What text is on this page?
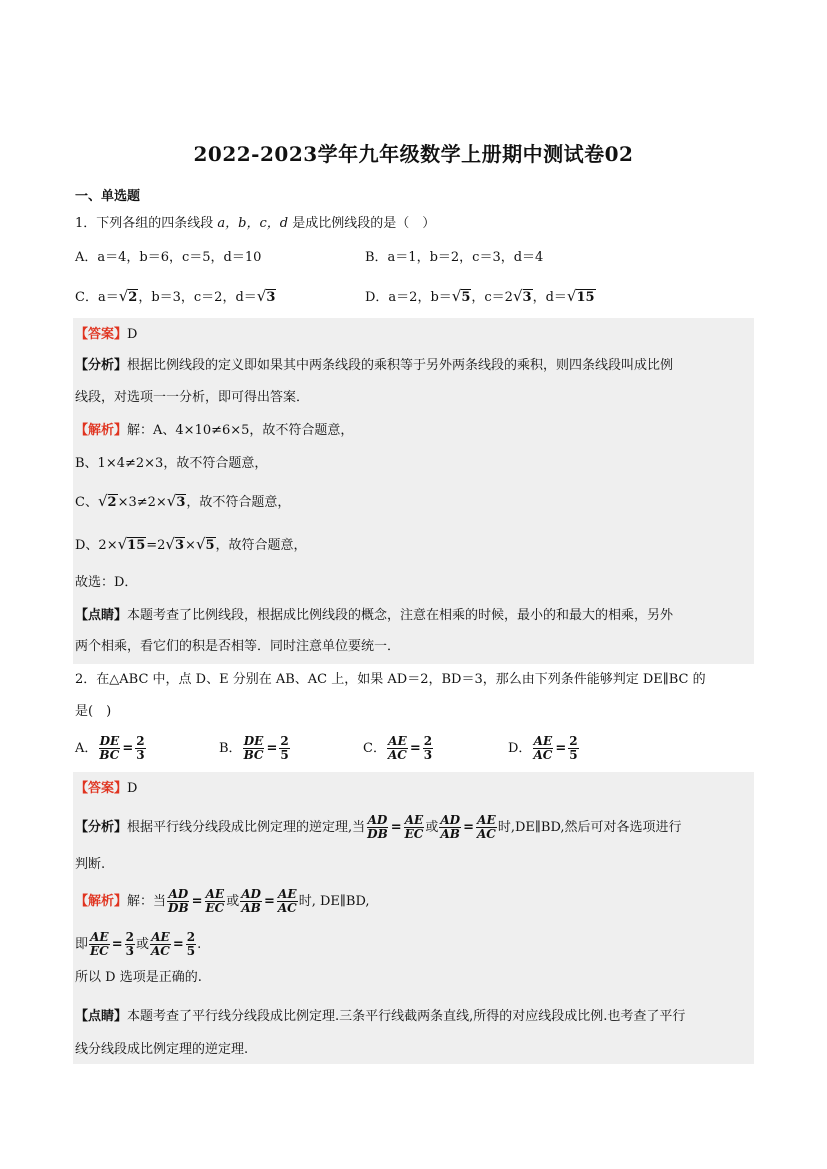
2022-2023学年九年级数学上册期中测试卷02
一、单选题
1．下列各组的四条线段 a，b，c，d 是成比例线段的是（　）
A．a＝4，b＝6，c＝5，d＝10	B．a＝1，b＝2，c＝3，d＝4
C．a＝√2，b＝3，c＝2，d＝√3	D．a＝2，b＝√5，c＝2√3，d＝√15
【答案】D
【分析】根据比例线段的定义即如果其中两条线段的乘积等于另外两条线段的乘积，则四条线段叫成比例
线段，对选项一一分析，即可得出答案．
【解析】解：A、4×10≠6×5，故不符合题意，
B、1×4≠2×3，故不符合题意，
C、√2×3≠2×√3，故不符合题意，
D、2×√15=2√3×√5，故符合题意，
故选：D．
【点睛】本题考查了比例线段，根据成比例线段的概念，注意在相乘的时候，最小的和最大的相乘，另外
两个相乘，看它们的积是否相等．同时注意单位要统一．
2．在△ABC 中，点 D、E 分别在 AB、AC 上，如果 AD＝2，BD＝3，那么由下列条件能够判定 DE∥BC 的
是(　)
A． $\frac{DE}{BC} = \frac{2}{3}$	B． $\frac{DE}{BC} = \frac{2}{5}$	C． $\frac{AE}{AC} = \frac{2}{3}$	D． $\frac{AE}{AC} = \frac{2}{5}$
【答案】D
【分析】根据平行线分线段成比例定理的逆定理,当 $\frac{AD}{DB} = \frac{AE}{EC}$ 或 $\frac{AD}{AB} = \frac{AE}{AC}$ 时,DE∥BD,然后可对各选项进行
判断.
【解析】解：当 $\frac{AD}{DB} = \frac{AE}{EC}$ 或 $\frac{AD}{AB} = \frac{AE}{AC}$ 时, DE∥BD,
即 $\frac{AE}{EC} = \frac{2}{3}$ 或 $\frac{AE}{AC} = \frac{2}{5}$ .
所以 D 选项是正确的.
【点睛】本题考查了平行线分线段成比例定理.三条平行线截两条直线,所得的对应线段成比例.也考查了平行
线分线段成比例定理的逆定理.
